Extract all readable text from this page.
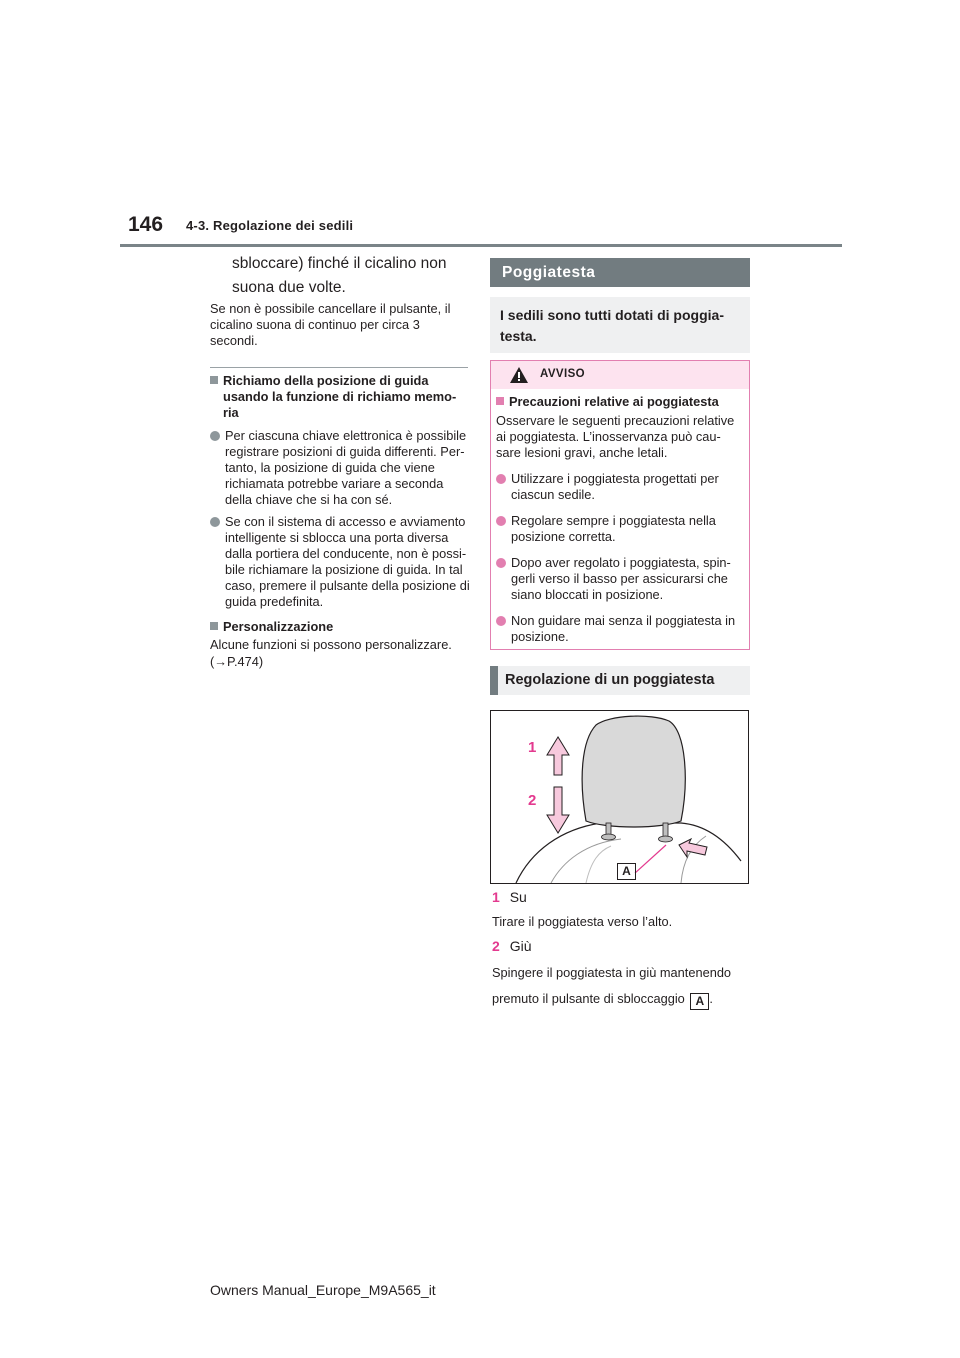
146 4-3. Regolazione dei sedili
sbloccare) finché il cicalino non
suona due volte.
Se non è possibile cancellare il pulsante, il
cicalino suona di continuo per circa 3
secondi.
Richiamo della posizione di guida
usando la funzione di richiamo memo-
ria
Per ciascuna chiave elettronica è possibile
registrare posizioni di guida differenti. Per-
tanto, la posizione di guida che viene
richiamata potrebbe variare a seconda
della chiave che si ha con sé.
Se con il sistema di accesso e avviamento
intelligente si sblocca una porta diversa
dalla portiera del conducente, non è possi-
bile richiamare la posizione di guida. In tal
caso, premere il pulsante della posizione di
guida predefinita.
Personalizzazione
Alcune funzioni si possono personalizzare.
(→P.474)
Poggiatesta
I sedili sono tutti dotati di poggia-
testa.
AVVISO
Precauzioni relative ai poggiatesta
Osservare le seguenti precauzioni relative
ai poggiatesta. L’inosservanza può cau-
sare lesioni gravi, anche letali.
Utilizzare i poggiatesta progettati per
ciascun sedile.
Regolare sempre i poggiatesta nella
posizione corretta.
Dopo aver regolato i poggiatesta, spin-
gerli verso il basso per assicurarsi che
siano bloccati in posizione.
Non guidare mai senza il poggiatesta in
posizione.
Regolazione di un poggiatesta
1
2
A
1 Su
Tirare il poggiatesta verso l’alto.
2 Giù
Spingere il poggiatesta in giù mantenendo
premuto il pulsante di sbloccaggio A .
Owners Manual_Europe_M9A565_it
